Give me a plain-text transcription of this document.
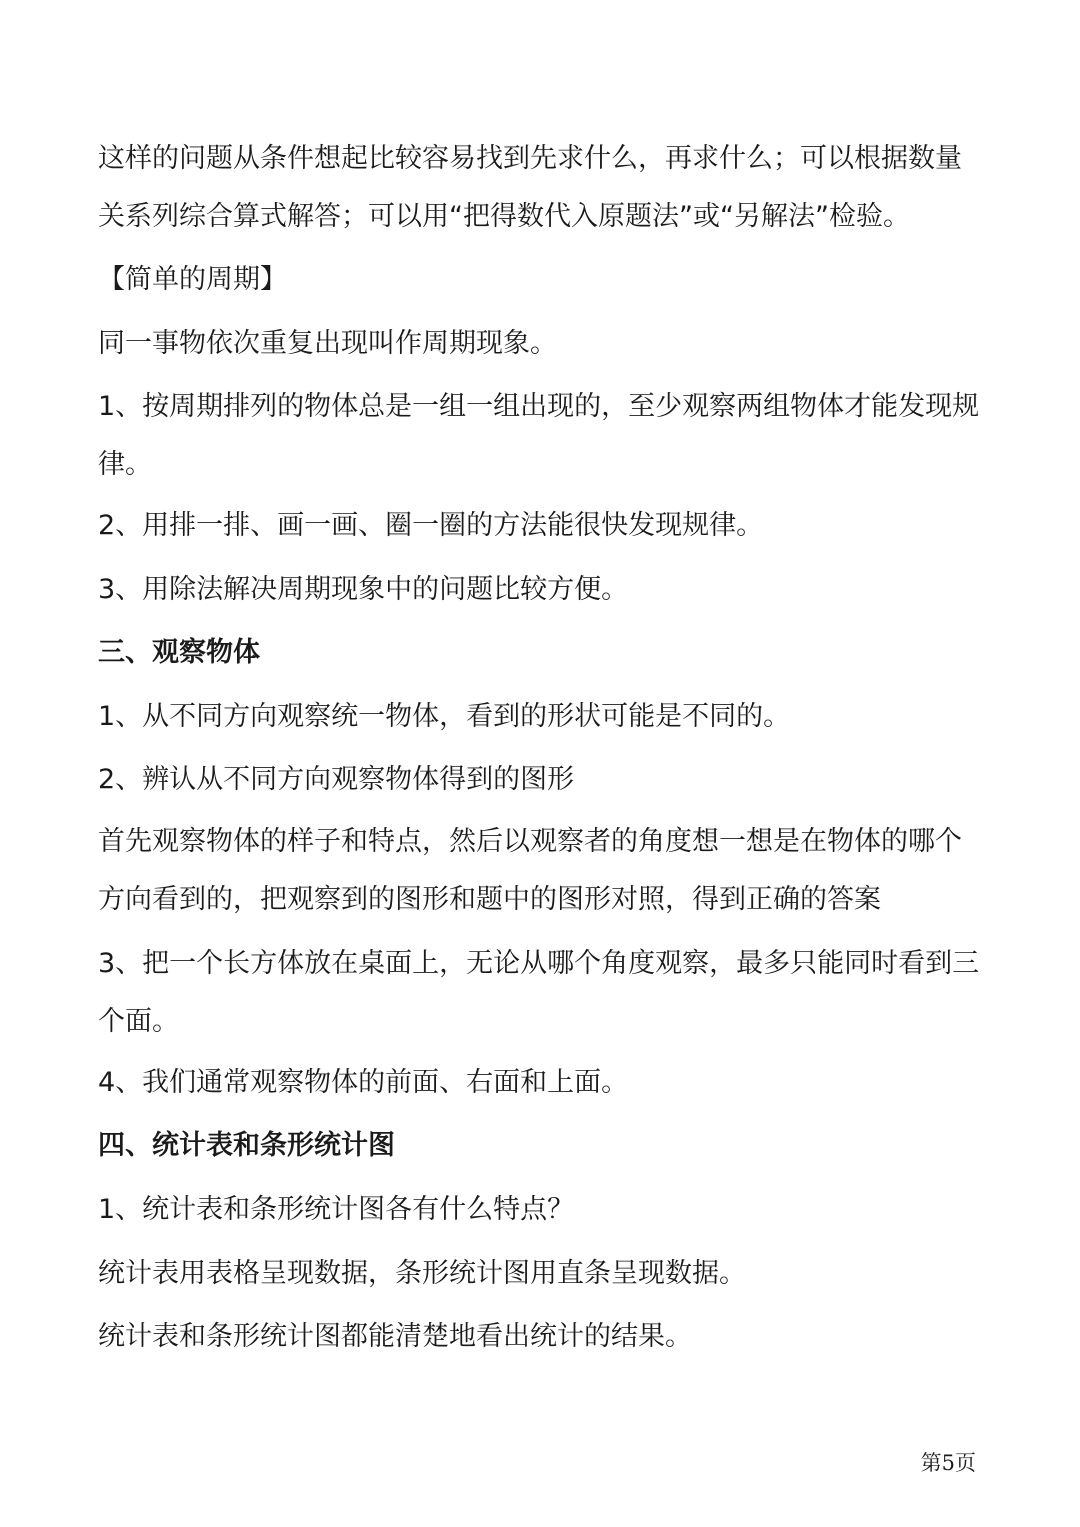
这样的问题从条件想起比较容易找到先求什么，再求什么；可以根据数量关系列综合算式解答；可以用“把得数代入原题法”或“另解法”检验。

【简单的周期】

同一事物依次重复出现叫作周期现象。

1、按周期排列的物体总是一组一组出现的，至少观察两组物体才能发现规律。

2、用排一排、画一画、圈一圈的方法能很快发现规律。

3、用除法解决周期现象中的问题比较方便。

三、观察物体

1、从不同方向观察统一物体，看到的形状可能是不同的。

2、辨认从不同方向观察物体得到的图形

首先观察物体的样子和特点，然后以观察者的角度想一想是在物体的哪个方向看到的，把观察到的图形和题中的图形对照，得到正确的答案

3、把一个长方体放在桌面上，无论从哪个角度观察，最多只能同时看到三个面。

4、我们通常观察物体的前面、右面和上面。

四、统计表和条形统计图

1、统计表和条形统计图各有什么特点？

统计表用表格呈现数据，条形统计图用直条呈现数据。

统计表和条形统计图都能清楚地看出统计的结果。

第5页
